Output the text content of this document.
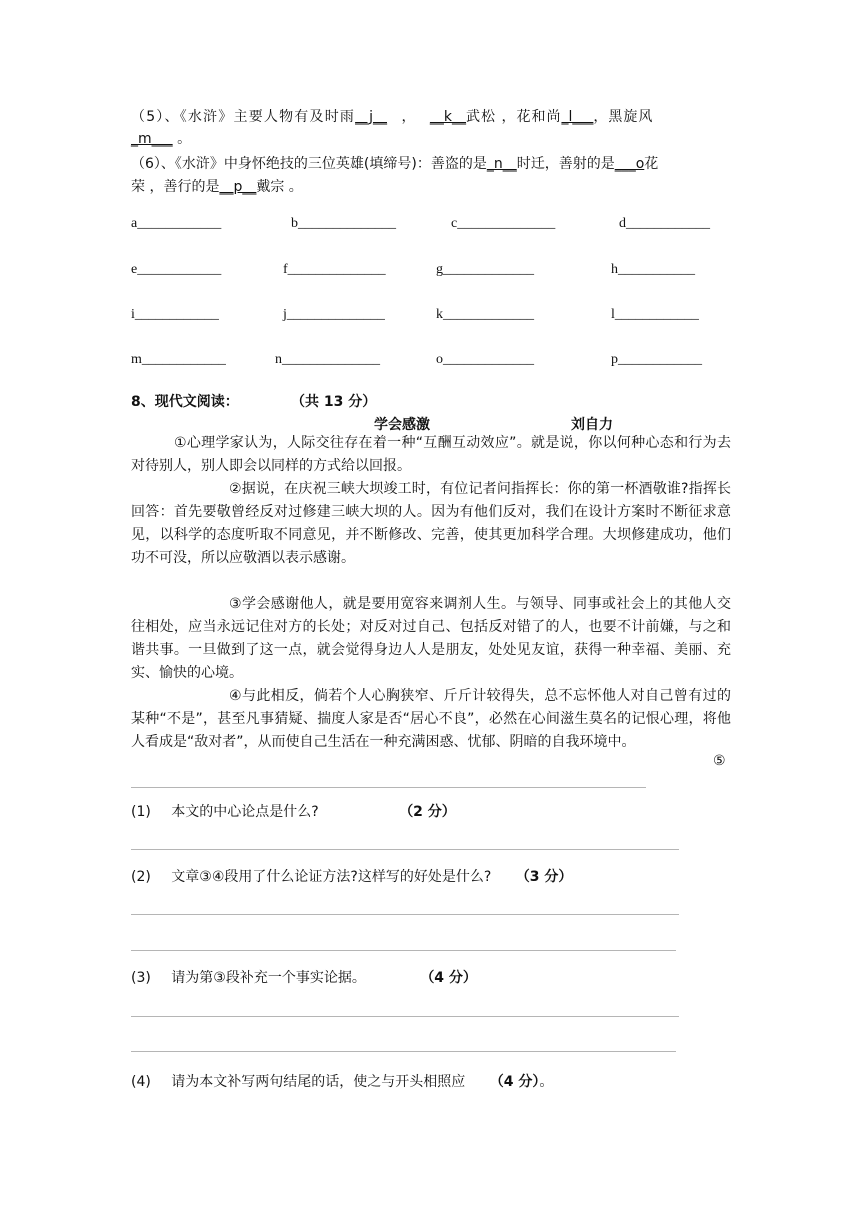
（5）、《水浒》主要人物有及时雨__j__ ， __k__武松 ，花和尚_l___，黑旋风
_m___ 。
（6）、《水浒》中身怀绝技的三位英雄(填缔号)：善盗的是_n__时迁，善射的是___o花
荣 ，善行的是__p__戴宗 。
a____________	b______________	c______________	d____________
e____________	f______________	g_____________	h___________
i____________	j______________	k_____________	l____________
m____________	n______________	o_____________	p____________
8、现代文阅读：	（共 13 分）
学会感激	刘自力
①心理学家认为，人际交往存在着一种“互酬互动效应”。就是说，你以何种心态和行为去对待别人，别人即会以同样的方式给以回报。
②据说，在庆祝三峡大坝竣工时，有位记者问指挥长：你的第一杯酒敬谁?指挥长回答：首先要敬曾经反对过修建三峡大坝的人。因为有他们反对，我们在设计方案时不断征求意见，以科学的态度听取不同意见，并不断修改、完善，使其更加科学合理。大坝修建成功，他们功不可没，所以应敬酒以表示感谢。
③学会感谢他人，就是要用宽容来调剂人生。与领导、同事或社会上的其他人交往相处，应当永远记住对方的长处；对反对过自己、包括反对错了的人，也要不计前嫌，与之和谐共事。一旦做到了这一点，就会觉得身边人人是朋友，处处见友谊，获得一种幸福、美丽、充实、愉快的心境。
④与此相反，倘若个人心胸狭窄、斤斤计较得失，总不忘怀他人对自己曾有过的某种“不是”，甚至凡事猜疑、揣度人家是否“居心不良”，必然在心间滋生莫名的记恨心理，将他人看成是“敌对者”，从而使自己生活在一种充满困惑、忧郁、阴暗的自我环境中。
⑤
(1) 本文的中心论点是什么?	（2 分）
(2) 文章③④段用了什么论证方法?这样写的好处是什么? （3 分）
(3) 请为第③段补充一个事实论据。	（4 分）
(4) 请为本文补写两句结尾的话，使之与开头相照应 （4 分）。
